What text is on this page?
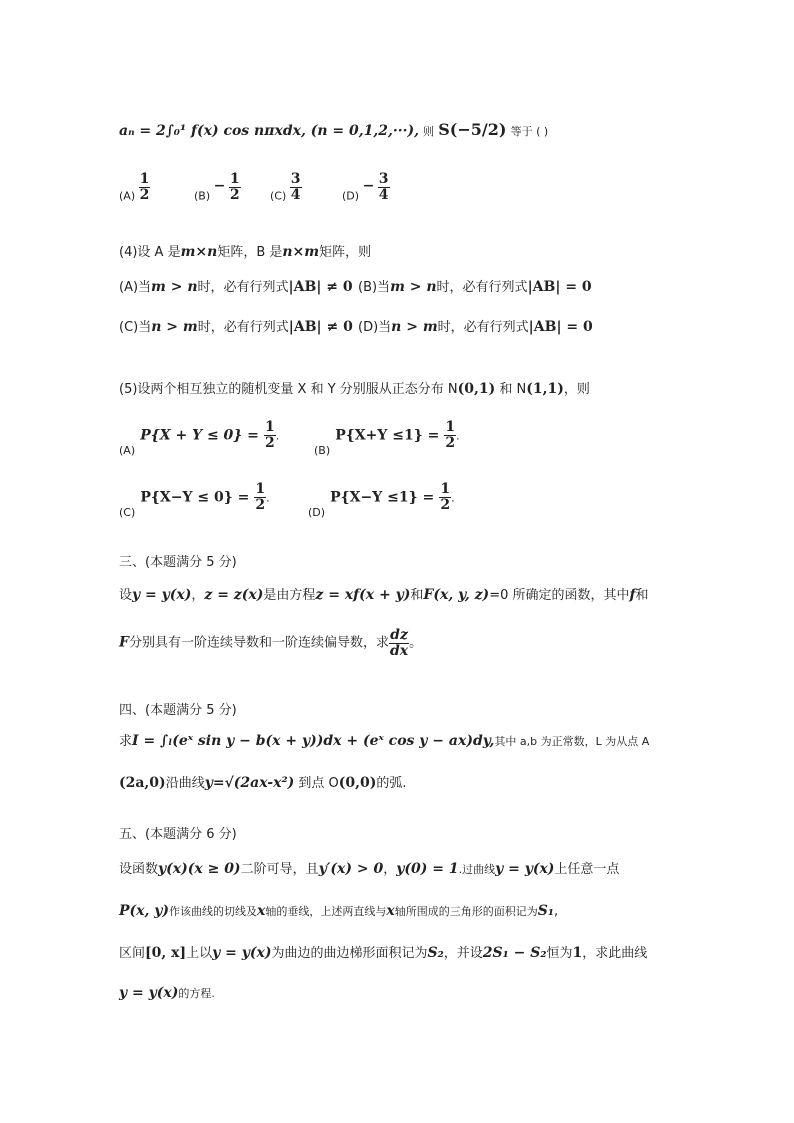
aₙ = 2∫₀¹ f(x) cos nπxdx, (n = 0,1,2,···), 则 S(−5/2) 等于 ( )
$(A) \frac{1}{2}$	$(B) - \frac{1}{2}$	$(C) \frac{3}{4}$	$(D) - \frac{3}{4}$
(4)设 A 是m×n矩阵，B 是n×m矩阵，则
(A)当m > n时，必有行列式|AB| ≠ 0 (B)当m > n时，必有行列式|AB| = 0
(C)当n > m时，必有行列式|AB| ≠ 0 (D)当n > m时，必有行列式|AB| = 0
(5)设两个相互独立的随机变量 X 和 Y 分别服从正态分布 N(0,1) 和 N(1,1)，则
$_{(A)}$ $P\{X + Y \le 0\} = \frac{1}{2}$ .
$_{(B)}$ $P\{X+Y \le 1\} = \frac{1}{2}$ .
$_{(C)}$ $P\{X-Y \le 0\} = \frac{1}{2}$ .
$_{(D)}$ $P\{X-Y \le 1\} = \frac{1}{2}$ .
三、(本题满分 5 分)
设y = y(x)，z = z(x)是由方程z = xf(x + y)和F(x, y, z)=0 所确定的函数，其中f和
F分别具有一阶连续导数和一阶连续偏导数，求 $\frac{dz}{dx}$ 。
四、(本题满分 5 分)
求I = ∫ₗ(eˣ sin y − b(x + y))dx + (eˣ cos y − ax)dy,其中 a,b 为正常数，L 为从点 A
(2a,0)沿曲线y=√(2ax-x²) 到点 O(0,0)的弧.
五、(本题满分 6 分)
设函数y(x)(x ≥ 0)二阶可导，且y′(x) > 0，y(0) = 1.过曲线y = y(x)上任意一点
P(x, y)作该曲线的切线及x轴的垂线，上述两直线与x轴所围成的三角形的面积记为S₁,
区间[0, x]上以y = y(x)为曲边的曲边梯形面积记为S₂，并设2S₁ − S₂恒为1，求此曲线
y = y(x)的方程.
